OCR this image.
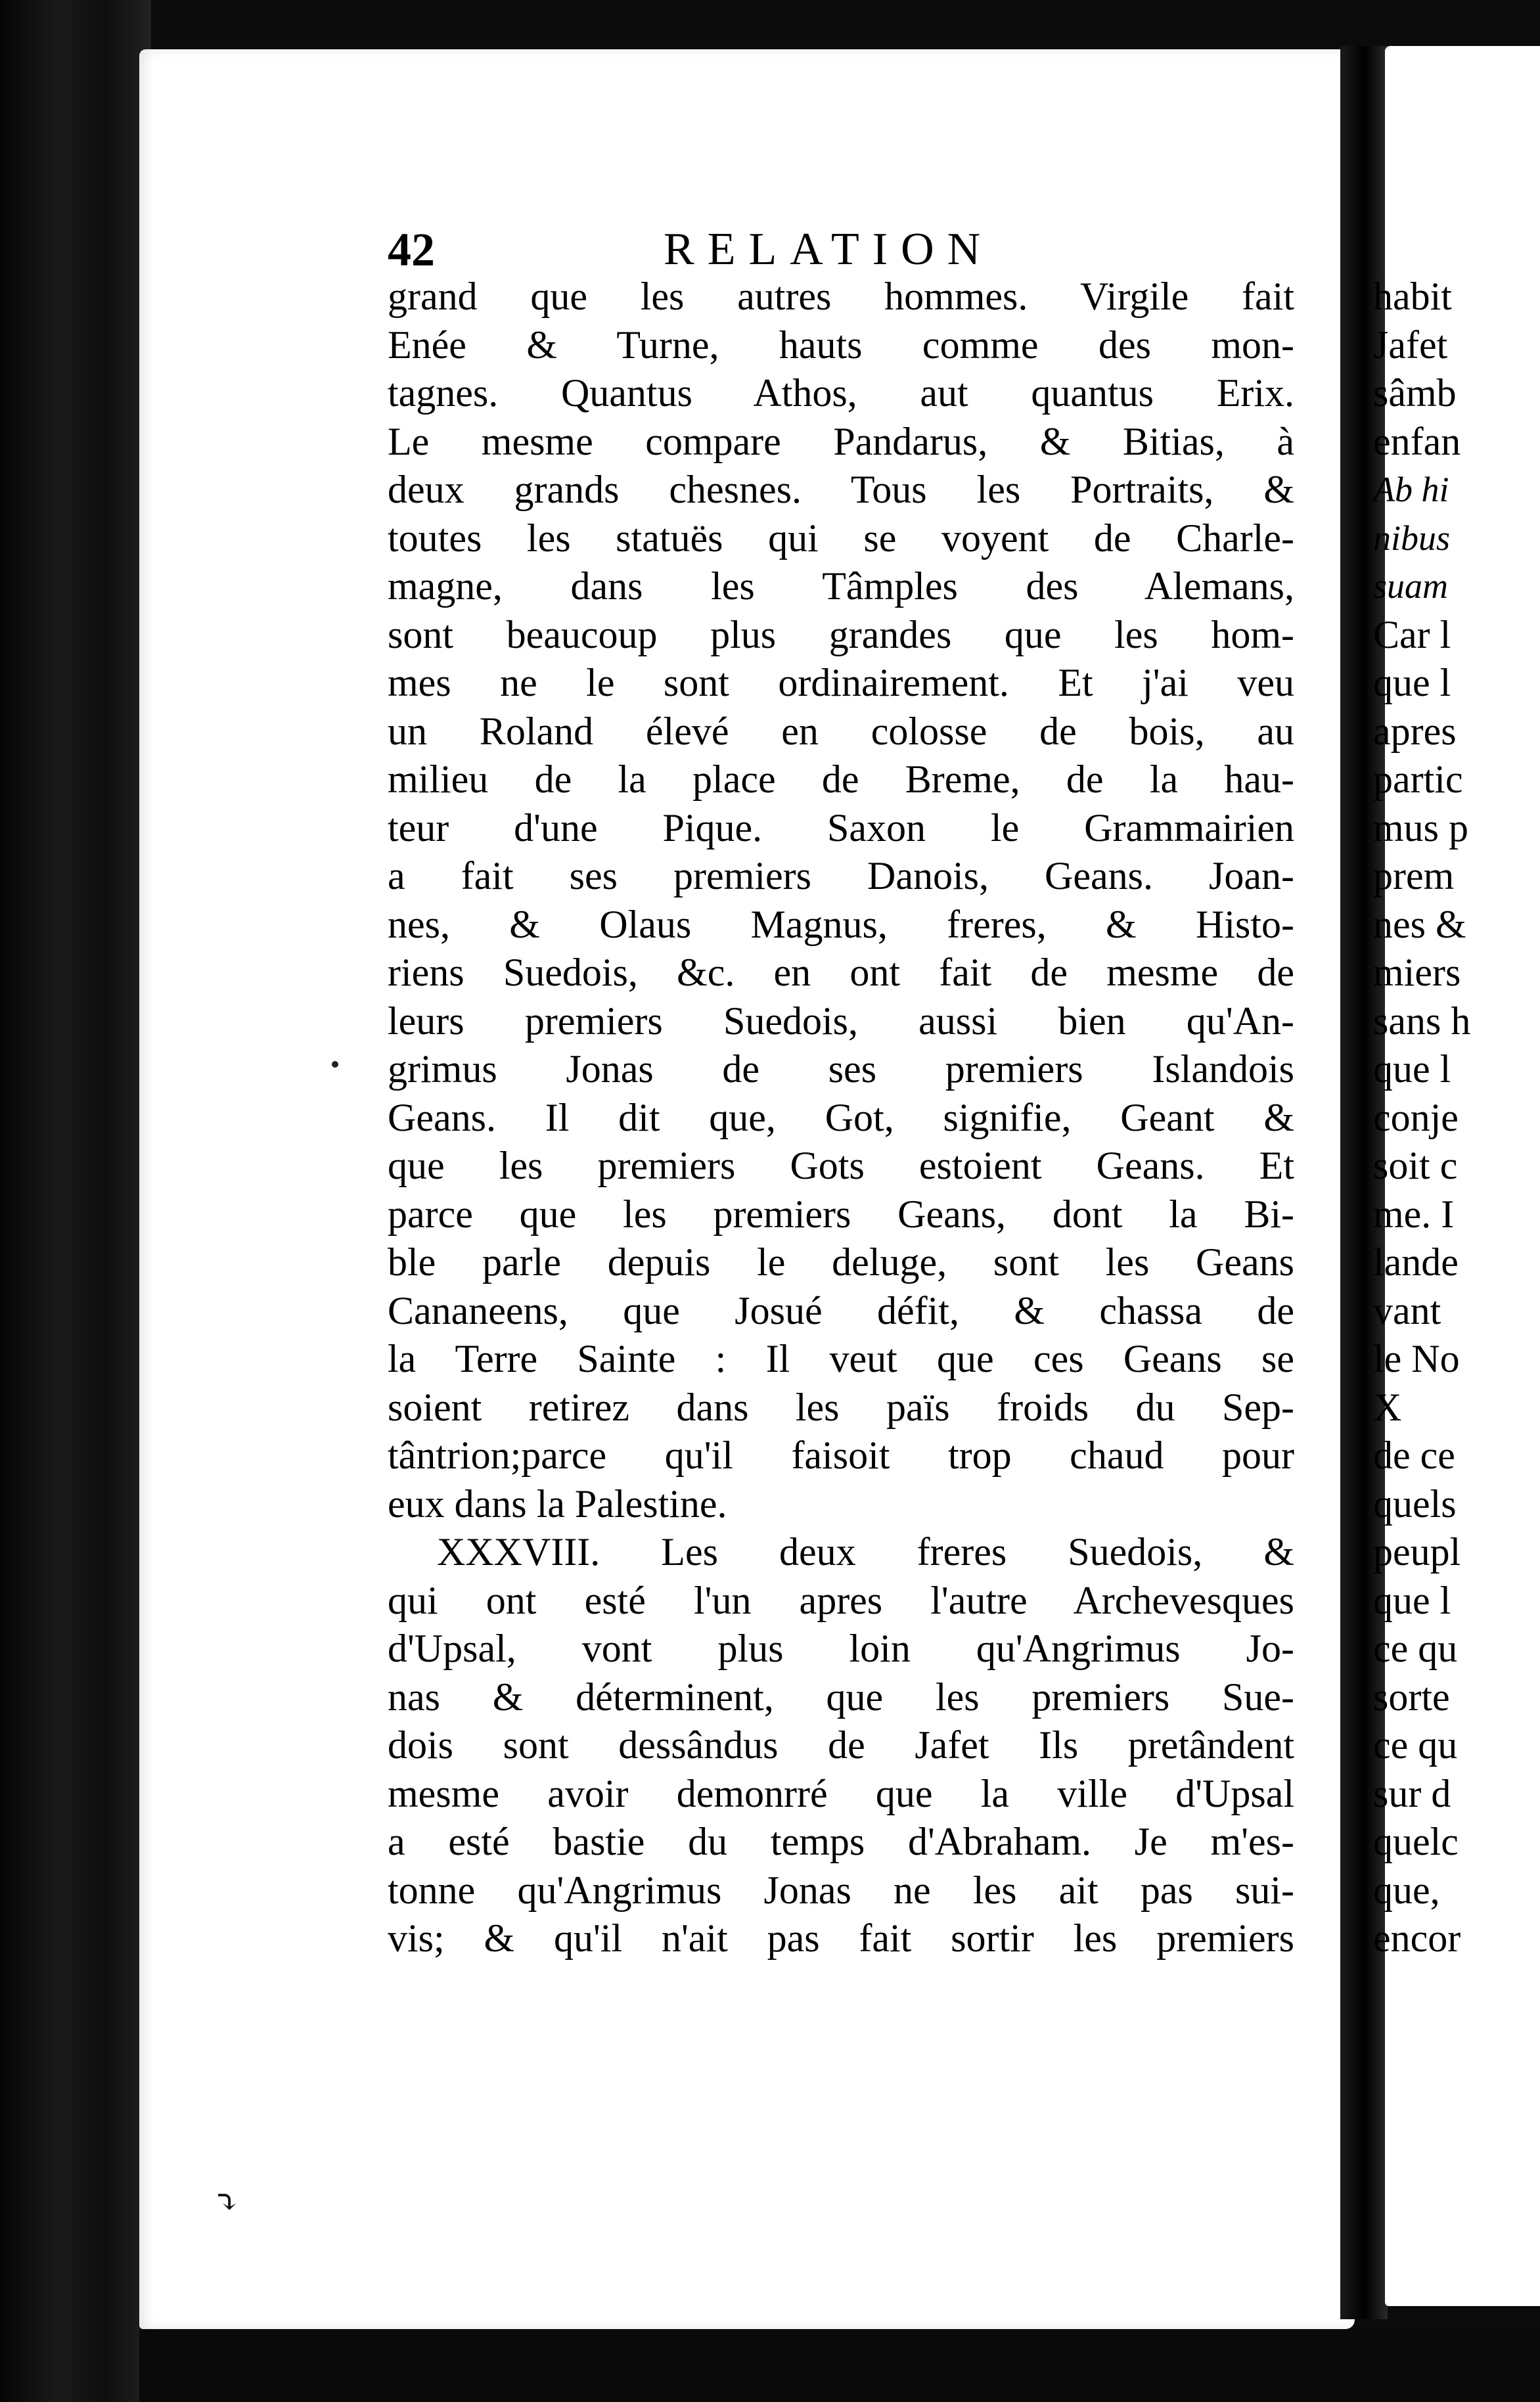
42	RELATION
grand que les autres hommes. Virgile fait
Enée & Turne, hauts comme des mon-
tagnes. Quantus Athos, aut quantus Erix.
Le mesme compare Pandarus, & Bitias, à
deux grands chesnes. Tous les Portraits, &
toutes les statuës qui se voyent de Charle-
magne, dans les Tâmples des Alemans,
sont beaucoup plus grandes que les hom-
mes ne le sont ordinairement. Et j'ai veu
un Roland élevé en colosse de bois, au
milieu de la place de Breme, de la hau-
teur d'une Pique. Saxon le Grammairien
a fait ses premiers Danois, Geans. Joan-
nes, & Olaus Magnus, freres, & Histo-
riens Suedois, &c. en ont fait de mesme de
leurs premiers Suedois, aussi bien qu'An-
grimus Jonas de ses premiers Islandois
Geans. Il dit que, Got, signifie, Geant &
que les premiers Gots estoient Geans. Et
parce que les premiers Geans, dont la Bi-
ble parle depuis le deluge, sont les Geans
Cananeens, que Josué défit, & chassa de
la Terre Sainte : Il veut que ces Geans se
soient retirez dans les païs froids du Sep-
tântrion;parce qu'il faisoit trop chaud pour
eux dans la Palestine.
XXXVIII. Les deux freres Suedois, &
qui ont esté l'un apres l'autre Archevesques
d'Upsal, vont plus loin qu'Angrimus Jo-
nas & déterminent, que les premiers Sue-
dois sont dessândus de Jafet Ils pretândent
mesme avoir demonrré que la ville d'Upsal
a esté bastie du temps d'Abraham. Je m'es-
tonne qu'Angrimus Jonas ne les ait pas sui-
vis; & qu'il n'ait pas fait sortir les premiers
habit
Jafet
sâmb
enfan
Ab hi
nibus
suam
Car l
que l
apres
partic
mus p
prem
nes &
miers
sans h
que l
conje
soit c
me. I
lande
vant
le No
X
de ce
quels
peupl
que l
ce qu
sorte
ce qu
sur d
quelc
que,
encor
⤵
